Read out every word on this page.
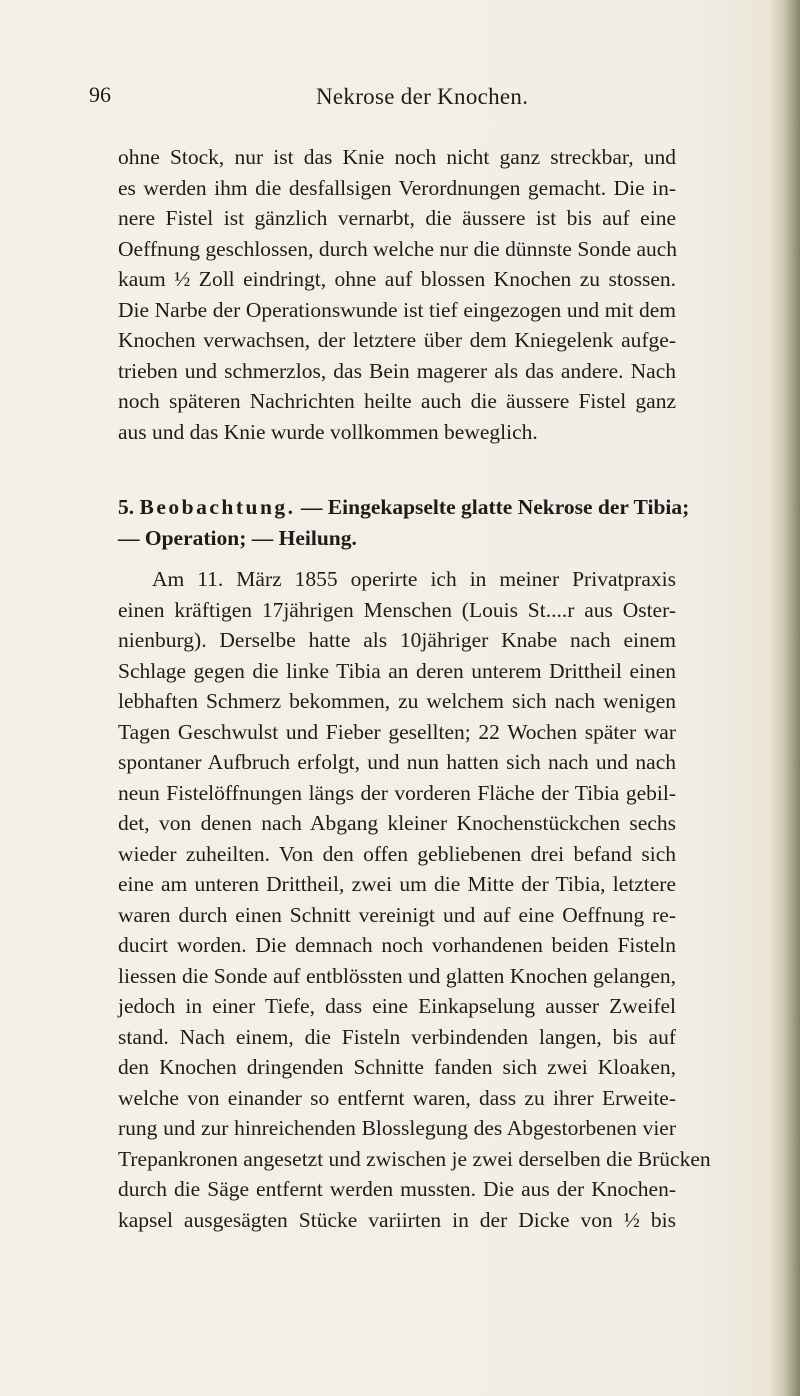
96	Nekrose der Knochen.
ohne Stock, nur ist das Knie noch nicht ganz streckbar, und
es werden ihm die desfallsigen Verordnungen gemacht. Die in-
nere Fistel ist gänzlich vernarbt, die äussere ist bis auf eine
Oeffnung geschlossen, durch welche nur die dünnste Sonde auch
kaum ½ Zoll eindringt, ohne auf blossen Knochen zu stossen.
Die Narbe der Operationswunde ist tief eingezogen und mit dem
Knochen verwachsen, der letztere über dem Kniegelenk aufge-
trieben und schmerzlos, das Bein magerer als das andere. Nach
noch späteren Nachrichten heilte auch die äussere Fistel ganz
aus und das Knie wurde vollkommen beweglich.
5. Beobachtung. — Eingekapselte glatte Nekrose der Tibia;
— Operation; — Heilung.
Am 11. März 1855 operirte ich in meiner Privatpraxis
einen kräftigen 17jährigen Menschen (Louis St....r aus Oster-
nienburg). Derselbe hatte als 10jähriger Knabe nach einem
Schlage gegen die linke Tibia an deren unterem Drittheil einen
lebhaften Schmerz bekommen, zu welchem sich nach wenigen
Tagen Geschwulst und Fieber gesellten; 22 Wochen später war
spontaner Aufbruch erfolgt, und nun hatten sich nach und nach
neun Fistelöffnungen längs der vorderen Fläche der Tibia gebil-
det, von denen nach Abgang kleiner Knochenstückchen sechs
wieder zuheilten. Von den offen gebliebenen drei befand sich
eine am unteren Drittheil, zwei um die Mitte der Tibia, letztere
waren durch einen Schnitt vereinigt und auf eine Oeffnung re-
ducirt worden. Die demnach noch vorhandenen beiden Fisteln
liessen die Sonde auf entblössten und glatten Knochen gelangen,
jedoch in einer Tiefe, dass eine Einkapselung ausser Zweifel
stand. Nach einem, die Fisteln verbindenden langen, bis auf
den Knochen dringenden Schnitte fanden sich zwei Kloaken,
welche von einander so entfernt waren, dass zu ihrer Erweite-
rung und zur hinreichenden Blosslegung des Abgestorbenen vier
Trepankronen angesetzt und zwischen je zwei derselben die Brücken
durch die Säge entfernt werden mussten. Die aus der Knochen-
kapsel ausgesägten Stücke variirten in der Dicke von ½ bis
